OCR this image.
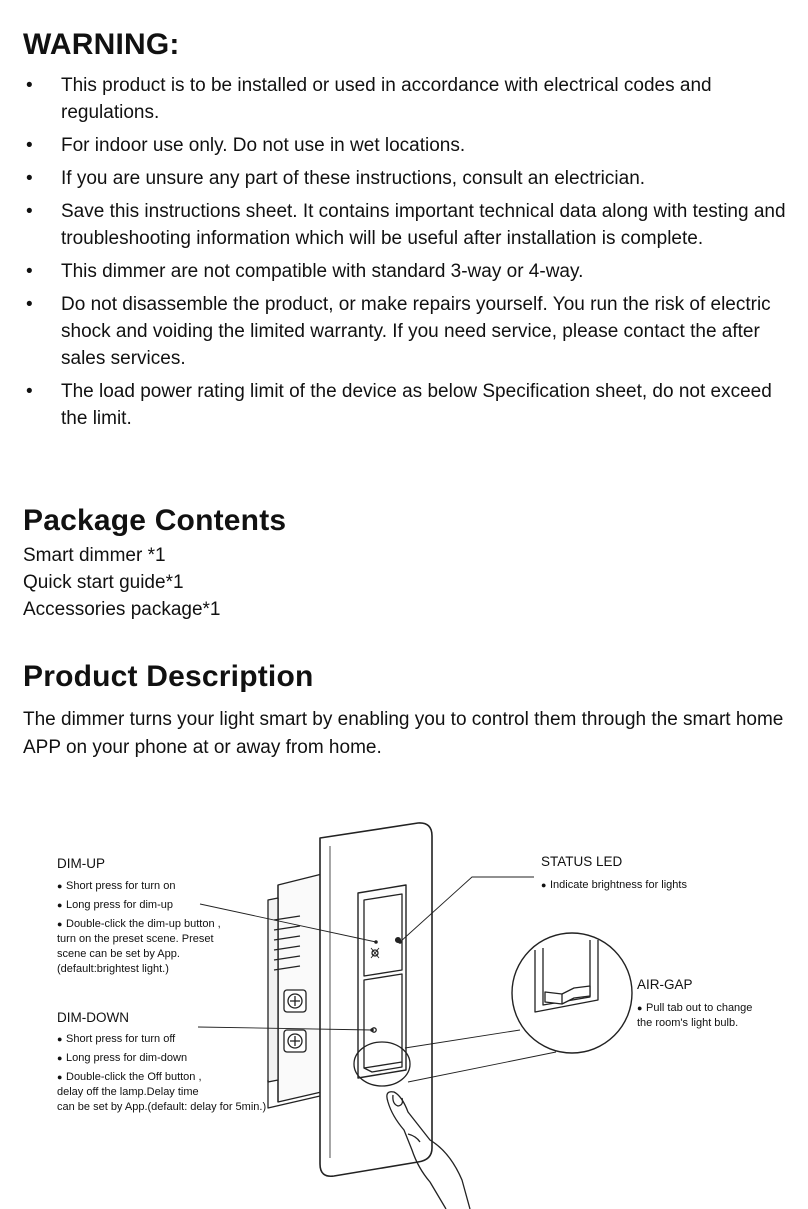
WARNING:
•	This product is to be installed or used in accordance with electrical codes and regulations.
•	For indoor use only. Do not use in wet locations.
•	If you are unsure any part of these instructions, consult an electrician.
•	Save this instructions sheet. It contains important technical data along with testing and troubleshooting information which will be useful after installation is complete.
•	This dimmer are not compatible with standard 3-way or 4-way.
•	Do not disassemble the product, or make repairs yourself. You run the risk of electric shock and voiding the limited warranty. If you need service, please contact the after sales services.
•	The load power rating limit of the device as below Specification sheet, do not exceed the limit.
Package Contents
Smart dimmer *1
Quick start guide*1
Accessories package*1
Product Description
The dimmer turns your light smart by enabling you to control them through the smart home APP on your phone at or away from home.
DIM-UP
● Short press for turn on
● Long press for dim-up
● Double-click the dim-up button ,
turn on the preset scene. Preset
scene can be set by App.
(default:brightest light.)
DIM-DOWN
● Short press for turn off
● Long press for dim-down
● Double-click the Off button ,
delay off the lamp.Delay time
can be set by App.(default: delay for 5min.)
STATUS LED
● Indicate brightness for lights
AIR-GAP
● Pull tab out to change
the room's light bulb.
